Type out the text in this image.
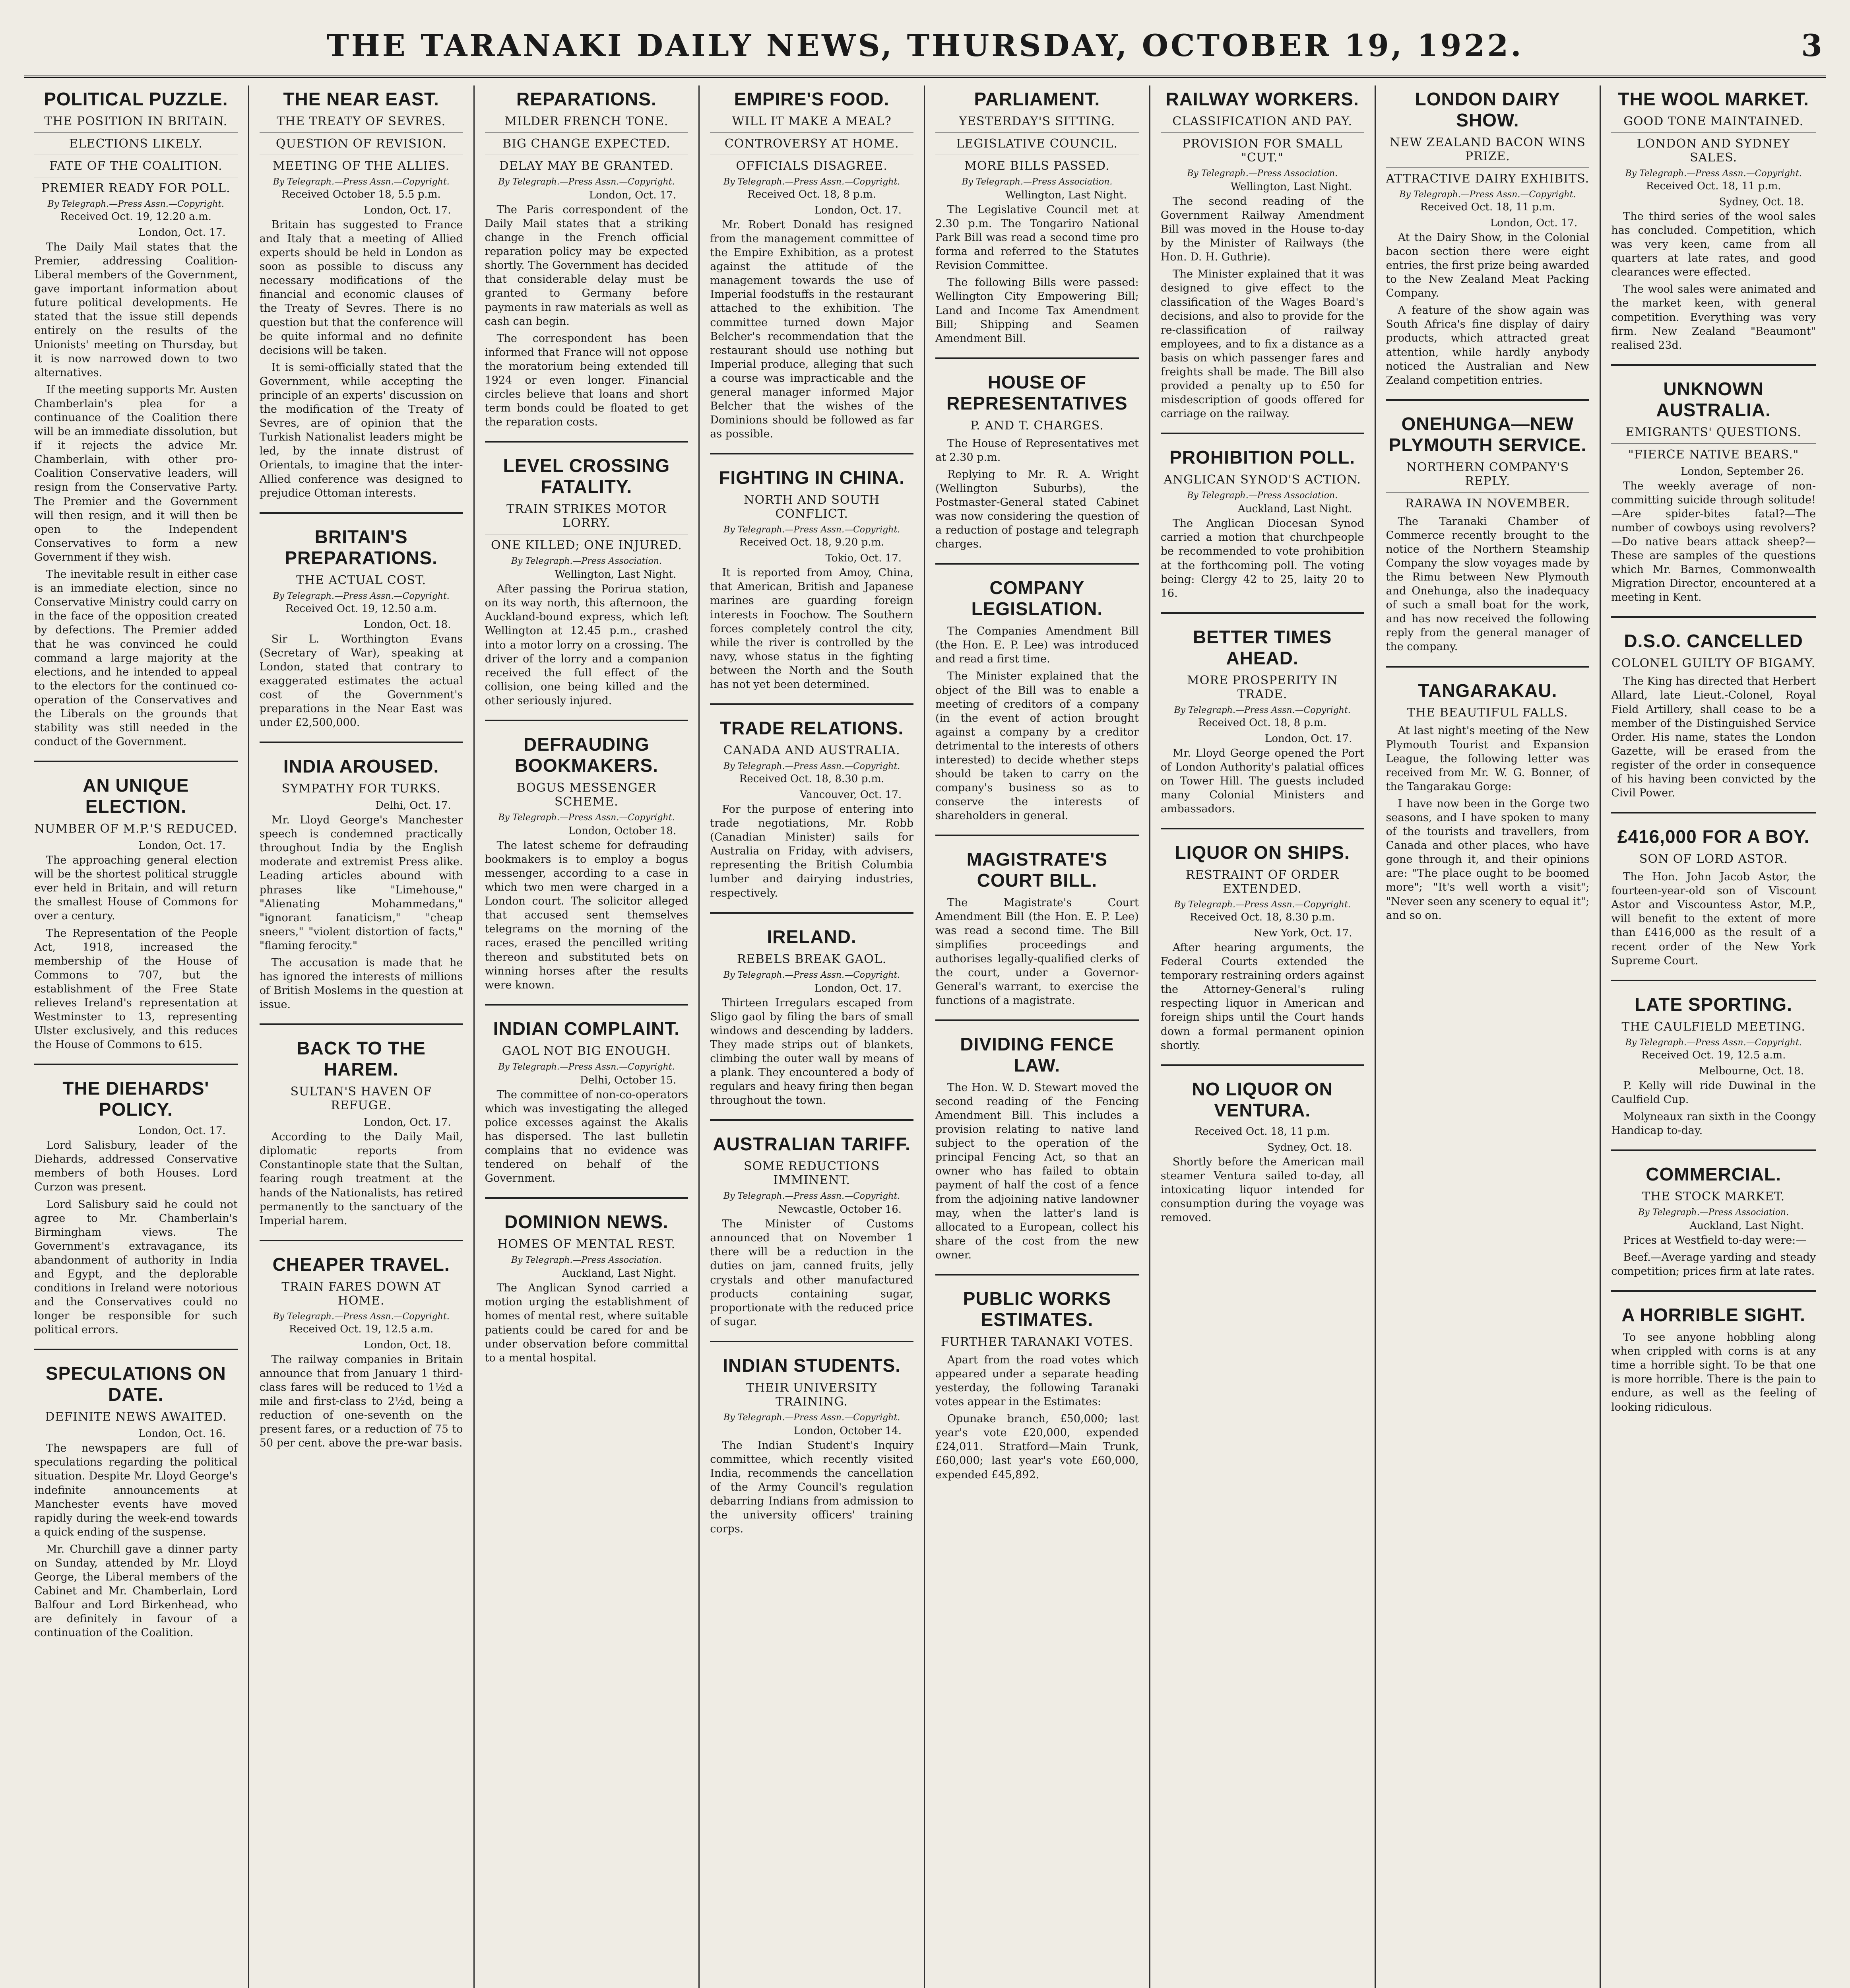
THE TARANAKI DAILY NEWS, THURSDAY, OCTOBER 19, 1922.	3
POLITICAL PUZZLE.
THE POSITION IN BRITAIN.
ELECTIONS LIKELY.
FATE OF THE COALITION.
PREMIER READY FOR POLL.
By Telegraph.—Press Assn.—Copyright.
Received Oct. 19, 12.20 a.m.
London, Oct. 17.

The Daily Mail states that the Premier, addressing Coalition-Liberal members of the Government, gave important information about future political developments. He stated that the issue still depends entirely on the results of the Unionists' meeting on Thursday, but it is now narrowed down to two alternatives.

If the meeting supports Mr. Austen Chamberlain's plea for a continuance of the Coalition there will be an immediate dissolution, but if it rejects the advice Mr. Chamberlain, with other pro-Coalition Conservative leaders, will resign from the Conservative Party. The Premier and the Government will then resign, and it will then be open to the Independent Conservatives to form a new Government if they wish.

The inevitable result in either case is an immediate election, since no Conservative Ministry could carry on in the face of the opposition created by defections. The Premier added that he was convinced he could command a large majority at the elections, and he intended to appeal to the electors for the continued co-operation of the Conservatives and the Liberals on the grounds that stability was still needed in the conduct of the Government.

AN UNIQUE ELECTION.
NUMBER OF M.P.'S REDUCED.
London, Oct. 17.

The approaching general election will be the shortest political struggle ever held in Britain, and will return the smallest House of Commons for over a century.

The Representation of the People Act, 1918, increased the membership of the House of Commons to 707, but the establishment of the Free State relieves Ireland's representation at Westminster to 13, representing Ulster exclusively, and this reduces the House of Commons to 615.

THE DIEHARDS' POLICY.
London, Oct. 17.

Lord Salisbury, leader of the Diehards, addressed Conservative members of both Houses. Lord Curzon was present.

Lord Salisbury said he could not agree to Mr. Chamberlain's Birmingham views. The Government's extravagance, its abandonment of authority in India and Egypt, and the deplorable conditions in Ireland were notorious and the Conservatives could no longer be responsible for such political errors.

SPECULATIONS ON DATE.
DEFINITE NEWS AWAITED.
London, Oct. 16.

The newspapers are full of speculations regarding the political situation. Despite Mr. Lloyd George's indefinite announcements at Manchester events have moved rapidly during the week-end towards a quick ending of the suspense.

Mr. Churchill gave a dinner party on Sunday, attended by Mr. Lloyd George, the Liberal members of the Cabinet and Mr. Chamberlain, Lord Balfour and Lord Birkenhead, who are definitely in favour of a continuation of the Coalition.

THE NEAR EAST.
THE TREATY OF SEVRES.
QUESTION OF REVISION.
MEETING OF THE ALLIES.
By Telegraph.—Press Assn.—Copyright.
Received October 18, 5.5 p.m.
London, Oct. 17.

Britain has suggested to France and Italy that a meeting of Allied experts should be held in London as soon as possible to discuss any necessary modifications of the financial and economic clauses of the Treaty of Sevres. There is no question but that the conference will be quite informal and no definite decisions will be taken.

It is semi-officially stated that the Government, while accepting the principle of an experts' discussion on the modification of the Treaty of Sevres, are of opinion that the Turkish Nationalist leaders might be led, by the innate distrust of Orientals, to imagine that the inter-Allied conference was designed to prejudice Ottoman interests.

BRITAIN'S PREPARATIONS.
THE ACTUAL COST.
By Telegraph.—Press Assn.—Copyright.
Received Oct. 19, 12.50 a.m.
London, Oct. 18.

Sir L. Worthington Evans (Secretary of War), speaking at London, stated that contrary to exaggerated estimates the actual cost of the Government's preparations in the Near East was under £2,500,000.

INDIA AROUSED.
SYMPATHY FOR TURKS.
Delhi, Oct. 17.

Mr. Lloyd George's Manchester speech is condemned practically throughout India by the English moderate and extremist Press alike. Leading articles abound with phrases like "Limehouse," "Alienating Mohammedans," "ignorant fanaticism," "cheap sneers," "violent distortion of facts," "flaming ferocity."

The accusation is made that he has ignored the interests of millions of British Moslems in the question at issue.

BACK TO THE HAREM.
SULTAN'S HAVEN OF REFUGE.
London, Oct. 17.

According to the Daily Mail, diplomatic reports from Constantinople state that the Sultan, fearing rough treatment at the hands of the Nationalists, has retired permanently to the sanctuary of the Imperial harem.

CHEAPER TRAVEL.
TRAIN FARES DOWN AT HOME.
By Telegraph.—Press Assn.—Copyright.
Received Oct. 19, 12.5 a.m.
London, Oct. 18.

The railway companies in Britain announce that from January 1 third-class fares will be reduced to 1½d a mile and first-class to 2½d, being a reduction of one-seventh on the present fares, or a reduction of 75 to 50 per cent. above the pre-war basis.

REPARATIONS.
MILDER FRENCH TONE.
BIG CHANGE EXPECTED.
DELAY MAY BE GRANTED.
By Telegraph.—Press Assn.—Copyright.
London, Oct. 17.

The Paris correspondent of the Daily Mail states that a striking change in the French official reparation policy may be expected shortly. The Government has decided that considerable delay must be granted to Germany before payments in raw materials as well as cash can begin.

The correspondent has been informed that France will not oppose the moratorium being extended till 1924 or even longer. Financial circles believe that loans and short term bonds could be floated to get the reparation costs.

LEVEL CROSSING FATALITY.
TRAIN STRIKES MOTOR LORRY.
ONE KILLED; ONE INJURED.
By Telegraph.—Press Association.
Wellington, Last Night.

After passing the Porirua station, on its way north, this afternoon, the Auckland-bound express, which left Wellington at 12.45 p.m., crashed into a motor lorry on a crossing. The driver of the lorry and a companion received the full effect of the collision, one being killed and the other seriously injured.

DEFRAUDING BOOKMAKERS.
BOGUS MESSENGER SCHEME.
By Telegraph.—Press Assn.—Copyright.
London, October 18.

The latest scheme for defrauding bookmakers is to employ a bogus messenger, according to a case in which two men were charged in a London court. The solicitor alleged that accused sent themselves telegrams on the morning of the races, erased the pencilled writing thereon and substituted bets on winning horses after the results were known.

INDIAN COMPLAINT.
GAOL NOT BIG ENOUGH.
By Telegraph.—Press Assn.—Copyright.
Delhi, October 15.

The committee of non-co-operators which was investigating the alleged police excesses against the Akalis has dispersed. The last bulletin complains that no evidence was tendered on behalf of the Government.

DOMINION NEWS.
HOMES OF MENTAL REST.
By Telegraph.—Press Association.
Auckland, Last Night.

The Anglican Synod carried a motion urging the establishment of homes of mental rest, where suitable patients could be cared for and be under observation before committal to a mental hospital.

EMPIRE'S FOOD.
WILL IT MAKE A MEAL?
CONTROVERSY AT HOME.
OFFICIALS DISAGREE.
By Telegraph.—Press Assn.—Copyright.
Received Oct. 18, 8 p.m.
London, Oct. 17.

Mr. Robert Donald has resigned from the management committee of the Empire Exhibition, as a protest against the attitude of the management towards the use of Imperial foodstuffs in the restaurant attached to the exhibition. The committee turned down Major Belcher's recommendation that the restaurant should use nothing but Imperial produce, alleging that such a course was impracticable and the general manager informed Major Belcher that the wishes of the Dominions should be followed as far as possible.

FIGHTING IN CHINA.
NORTH AND SOUTH CONFLICT.
By Telegraph.—Press Assn.—Copyright.
Received Oct. 18, 9.20 p.m.
Tokio, Oct. 17.

It is reported from Amoy, China, that American, British and Japanese marines are guarding foreign interests in Foochow. The Southern forces completely control the city, while the river is controlled by the navy, whose status in the fighting between the North and the South has not yet been determined.

TRADE RELATIONS.
CANADA AND AUSTRALIA.
By Telegraph.—Press Assn.—Copyright.
Received Oct. 18, 8.30 p.m.
Vancouver, Oct. 17.

For the purpose of entering into trade negotiations, Mr. Robb (Canadian Minister) sails for Australia on Friday, with advisers, representing the British Columbia lumber and dairying industries, respectively.

IRELAND.
REBELS BREAK GAOL.
By Telegraph.—Press Assn.—Copyright.
London, Oct. 17.

Thirteen Irregulars escaped from Sligo gaol by filing the bars of small windows and descending by ladders. They made strips out of blankets, climbing the outer wall by means of a plank. They encountered a body of regulars and heavy firing then began throughout the town.

AUSTRALIAN TARIFF.
SOME REDUCTIONS IMMINENT.
By Telegraph.—Press Assn.—Copyright.
Newcastle, October 16.

The Minister of Customs announced that on November 1 there will be a reduction in the duties on jam, canned fruits, jelly crystals and other manufactured products containing sugar, proportionate with the reduced price of sugar.

INDIAN STUDENTS.
THEIR UNIVERSITY TRAINING.
By Telegraph.—Press Assn.—Copyright.
London, October 14.

The Indian Student's Inquiry committee, which recently visited India, recommends the cancellation of the Army Council's regulation debarring Indians from admission to the university officers' training corps.

PARLIAMENT.
YESTERDAY'S SITTING.
LEGISLATIVE COUNCIL.
MORE BILLS PASSED.
By Telegraph.—Press Association.
Wellington, Last Night.

The Legislative Council met at 2.30 p.m. The Tongariro National Park Bill was read a second time pro forma and referred to the Statutes Revision Committee.

The following Bills were passed: Wellington City Empowering Bill; Land and Income Tax Amendment Bill; Shipping and Seamen Amendment Bill.

HOUSE OF REPRESENTATIVES
P. AND T. CHARGES.

The House of Representatives met at 2.30 p.m.

Replying to Mr. R. A. Wright (Wellington Suburbs), the Postmaster-General stated Cabinet was now considering the question of a reduction of postage and telegraph charges.

COMPANY LEGISLATION.

The Companies Amendment Bill (the Hon. E. P. Lee) was introduced and read a first time.

The Minister explained that the object of the Bill was to enable a meeting of creditors of a company (in the event of action brought against a company by a creditor detrimental to the interests of others interested) to decide whether steps should be taken to carry on the company's business so as to conserve the interests of shareholders in general.

MAGISTRATE'S COURT BILL.

The Magistrate's Court Amendment Bill (the Hon. E. P. Lee) was read a second time. The Bill simplifies proceedings and authorises legally-qualified clerks of the court, under a Governor-General's warrant, to exercise the functions of a magistrate.

DIVIDING FENCE LAW.

The Hon. W. D. Stewart moved the second reading of the Fencing Amendment Bill. This includes a provision relating to native land subject to the operation of the principal Fencing Act, so that an owner who has failed to obtain payment of half the cost of a fence from the adjoining native landowner may, when the latter's land is allocated to a European, collect his share of the cost from the new owner.

PUBLIC WORKS ESTIMATES.
FURTHER TARANAKI VOTES.

Apart from the road votes which appeared under a separate heading yesterday, the following Taranaki votes appear in the Estimates:

Opunake branch, £50,000; last year's vote £20,000, expended £24,011. Stratford—Main Trunk, £60,000; last year's vote £60,000, expended £45,892.

RAILWAY WORKERS.
CLASSIFICATION AND PAY.
PROVISION FOR SMALL "CUT."
By Telegraph.—Press Association.
Wellington, Last Night.

The second reading of the Government Railway Amendment Bill was moved in the House to-day by the Minister of Railways (the Hon. D. H. Guthrie).

The Minister explained that it was designed to give effect to the classification of the Wages Board's decisions, and also to provide for the re-classification of railway employees, and to fix a distance as a basis on which passenger fares and freights shall be made. The Bill also provided a penalty up to £50 for misdescription of goods offered for carriage on the railway.

PROHIBITION POLL.
ANGLICAN SYNOD'S ACTION.
By Telegraph.—Press Association.
Auckland, Last Night.

The Anglican Diocesan Synod carried a motion that churchpeople be recommended to vote prohibition at the forthcoming poll. The voting being: Clergy 42 to 25, laity 20 to 16.

BETTER TIMES AHEAD.
MORE PROSPERITY IN TRADE.
By Telegraph.—Press Assn.—Copyright.
Received Oct. 18, 8 p.m.
London, Oct. 17.

Mr. Lloyd George opened the Port of London Authority's palatial offices on Tower Hill. The guests included many Colonial Ministers and ambassadors.

LIQUOR ON SHIPS.
RESTRAINT OF ORDER EXTENDED.
By Telegraph.—Press Assn.—Copyright.
Received Oct. 18, 8.30 p.m.
New York, Oct. 17.

After hearing arguments, the Federal Courts extended the temporary restraining orders against the Attorney-General's ruling respecting liquor in American and foreign ships until the Court hands down a formal permanent opinion shortly.

NO LIQUOR ON VENTURA.
Received Oct. 18, 11 p.m.
Sydney, Oct. 18.

Shortly before the American mail steamer Ventura sailed to-day, all intoxicating liquor intended for consumption during the voyage was removed.

LONDON DAIRY SHOW.
NEW ZEALAND BACON WINS PRIZE.
ATTRACTIVE DAIRY EXHIBITS.
By Telegraph.—Press Assn.—Copyright.
Received Oct. 18, 11 p.m.
London, Oct. 17.

At the Dairy Show, in the Colonial bacon section there were eight entries, the first prize being awarded to the New Zealand Meat Packing Company.

A feature of the show again was South Africa's fine display of dairy products, which attracted great attention, while hardly anybody noticed the Australian and New Zealand competition entries.

ONEHUNGA—NEW PLYMOUTH SERVICE.
NORTHERN COMPANY'S REPLY.
RARAWA IN NOVEMBER.

The Taranaki Chamber of Commerce recently brought to the notice of the Northern Steamship Company the slow voyages made by the Rimu between New Plymouth and Onehunga, also the inadequacy of such a small boat for the work, and has now received the following reply from the general manager of the company.

TANGARAKAU.
THE BEAUTIFUL FALLS.

At last night's meeting of the New Plymouth Tourist and Expansion League, the following letter was received from Mr. W. G. Bonner, of the Tangarakau Gorge:

I have now been in the Gorge two seasons, and I have spoken to many of the tourists and travellers, from Canada and other places, who have gone through it, and their opinions are: "The place ought to be boomed more"; "It's well worth a visit"; "Never seen any scenery to equal it"; and so on.

THE WOOL MARKET.
GOOD TONE MAINTAINED.
LONDON AND SYDNEY SALES.
By Telegraph.—Press Assn.—Copyright.
Received Oct. 18, 11 p.m.
Sydney, Oct. 18.

The third series of the wool sales has concluded. Competition, which was very keen, came from all quarters at late rates, and good clearances were effected.

The wool sales were animated and the market keen, with general competition. Everything was very firm. New Zealand "Beaumont" realised 23d.

UNKNOWN AUSTRALIA.
EMIGRANTS' QUESTIONS.
"FIERCE NATIVE BEARS."
London, September 26.

The weekly average of non-committing suicide through solitude!—Are spider-bites fatal?—The number of cowboys using revolvers?—Do native bears attack sheep?—These are samples of the questions which Mr. Barnes, Commonwealth Migration Director, encountered at a meeting in Kent.

D.S.O. CANCELLED
COLONEL GUILTY OF BIGAMY.

The King has directed that Herbert Allard, late Lieut.-Colonel, Royal Field Artillery, shall cease to be a member of the Distinguished Service Order. His name, states the London Gazette, will be erased from the register of the order in consequence of his having been convicted by the Civil Power.

£416,000 FOR A BOY.
SON OF LORD ASTOR.

The Hon. John Jacob Astor, the fourteen-year-old son of Viscount Astor and Viscountess Astor, M.P., will benefit to the extent of more than £416,000 as the result of a recent order of the New York Supreme Court.

LATE SPORTING.
THE CAULFIELD MEETING.
By Telegraph.—Press Assn.—Copyright.
Received Oct. 19, 12.5 a.m.
Melbourne, Oct. 18.

P. Kelly will ride Duwinal in the Caulfield Cup.

Molyneaux ran sixth in the Coongy Handicap to-day.

COMMERCIAL.
THE STOCK MARKET.
By Telegraph.—Press Association.
Auckland, Last Night.

Prices at Westfield to-day were:—

Beef.—Average yarding and steady competition; prices firm at late rates.

A HORRIBLE SIGHT.

To see anyone hobbling along when crippled with corns is at any time a horrible sight. To be that one is more horrible. There is the pain to endure, as well as the feeling of looking ridiculous.
